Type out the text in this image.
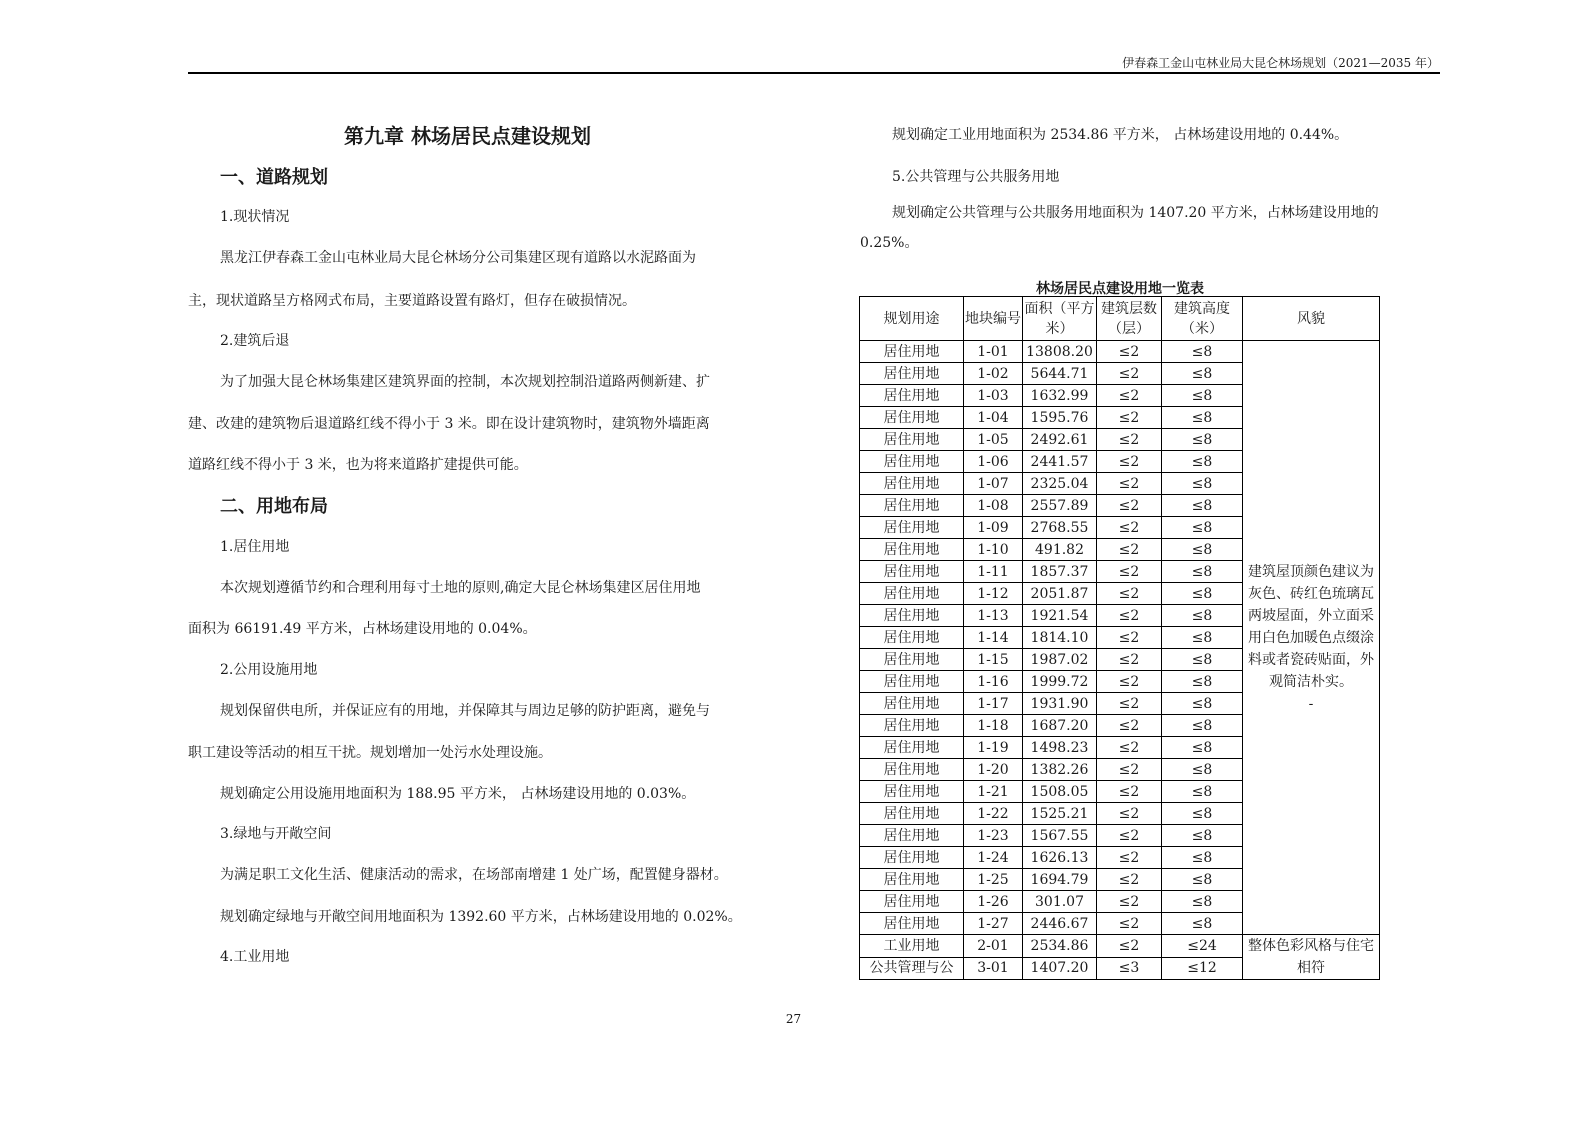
伊春森工金山屯林业局大昆仑林场规划（2021—2035 年）
第九章 林场居民点建设规划
一、道路规划
1.现状情况
黑龙江伊春森工金山屯林业局大昆仑林场分公司集建区现有道路以水泥路面为
主，现状道路呈方格网式布局，主要道路设置有路灯，但存在破损情况。
2.建筑后退
为了加强大昆仑林场集建区建筑界面的控制，本次规划控制沿道路两侧新建、扩
建、改建的建筑物后退道路红线不得小于 3 米。即在设计建筑物时，建筑物外墙距离
道路红线不得小于 3 米，也为将来道路扩建提供可能。
二、用地布局
1.居住用地
本次规划遵循节约和合理利用每寸土地的原则,确定大昆仑林场集建区居住用地
面积为 66191.49 平方米，占林场建设用地的 0.04%。
2.公用设施用地
规划保留供电所，并保证应有的用地，并保障其与周边足够的防护距离，避免与
职工建设等活动的相互干扰。规划增加一处污水处理设施。
规划确定公用设施用地面积为 188.95 平方米， 占林场建设用地的 0.03%。
3.绿地与开敞空间
为满足职工文化生活、健康活动的需求，在场部南增建 1 处广场，配置健身器材。
规划确定绿地与开敞空间用地面积为 1392.60 平方米，占林场建设用地的 0.02%。
4.工业用地
规划确定工业用地面积为 2534.86 平方米， 占林场建设用地的 0.44%。
5.公共管理与公共服务用地
规划确定公共管理与公共服务用地面积为 1407.20 平方米，占林场建设用地的
0.25%。
林场居民点建设用地一览表
规划用途	地块编号	面积（平方米）	建筑层数（层）	建筑高度（米）	风貌
居住用地	1-01	13808.20	≤2	≤8	建筑屋顶颜色建议为灰色、砖红色琉璃瓦两坡屋面，外立面采用白色加暖色点缀涂料或者瓷砖贴面，外观简洁朴实。
-

居住用地	1-02	5644.71	≤2	≤8	
居住用地	1-03	1632.99	≤2	≤8	
居住用地	1-04	1595.76	≤2	≤8	
居住用地	1-05	2492.61	≤2	≤8	
居住用地	1-06	2441.57	≤2	≤8	
居住用地	1-07	2325.04	≤2	≤8	
居住用地	1-08	2557.89	≤2	≤8	
居住用地	1-09	2768.55	≤2	≤8	
居住用地	1-10	491.82	≤2	≤8	
居住用地	1-11	1857.37	≤2	≤8	
居住用地	1-12	2051.87	≤2	≤8	
居住用地	1-13	1921.54	≤2	≤8	
居住用地	1-14	1814.10	≤2	≤8	
居住用地	1-15	1987.02	≤2	≤8	
居住用地	1-16	1999.72	≤2	≤8	
居住用地	1-17	1931.90	≤2	≤8	
居住用地	1-18	1687.20	≤2	≤8	
居住用地	1-19	1498.23	≤2	≤8	
居住用地	1-20	1382.26	≤2	≤8	
居住用地	1-21	1508.05	≤2	≤8	
居住用地	1-22	1525.21	≤2	≤8	
居住用地	1-23	1567.55	≤2	≤8	
居住用地	1-24	1626.13	≤2	≤8	
居住用地	1-25	1694.79	≤2	≤8	
居住用地	1-26	301.07	≤2	≤8	
居住用地	1-27	2446.67	≤2	≤8	
工业用地	2-01	2534.86	≤2	≤24	整体色彩风格与住宅相符
公共管理与公	3-01	1407.20	≤3	≤12	
27
